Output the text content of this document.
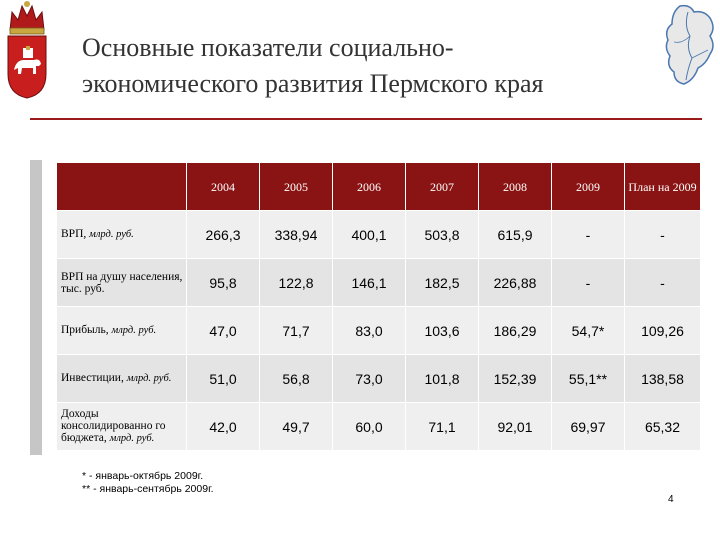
Основные показатели социально-
экономического развития Пермского края
	2004	2005	2006	2007	2008	2009	План на 2009
ВРП, млрд. руб.	266,3	338,94	400,1	503,8	615,9	-	-
ВРП на душу населения, тыс. руб.	95,8	122,8	146,1	182,5	226,88	-	-
Прибыль, млрд. руб.	47,0	71,7	83,0	103,6	186,29	54,7*	109,26
Инвестиции, млрд. руб.	51,0	56,8	73,0	101,8	152,39	55,1**	138,58
Доходы консолидированно го бюджета, млрд. руб.	42,0	49,7	60,0	71,1	92,01	69,97	65,32
* - январь-октябрь 2009г.
** - январь-сентябрь 2009г.
4
